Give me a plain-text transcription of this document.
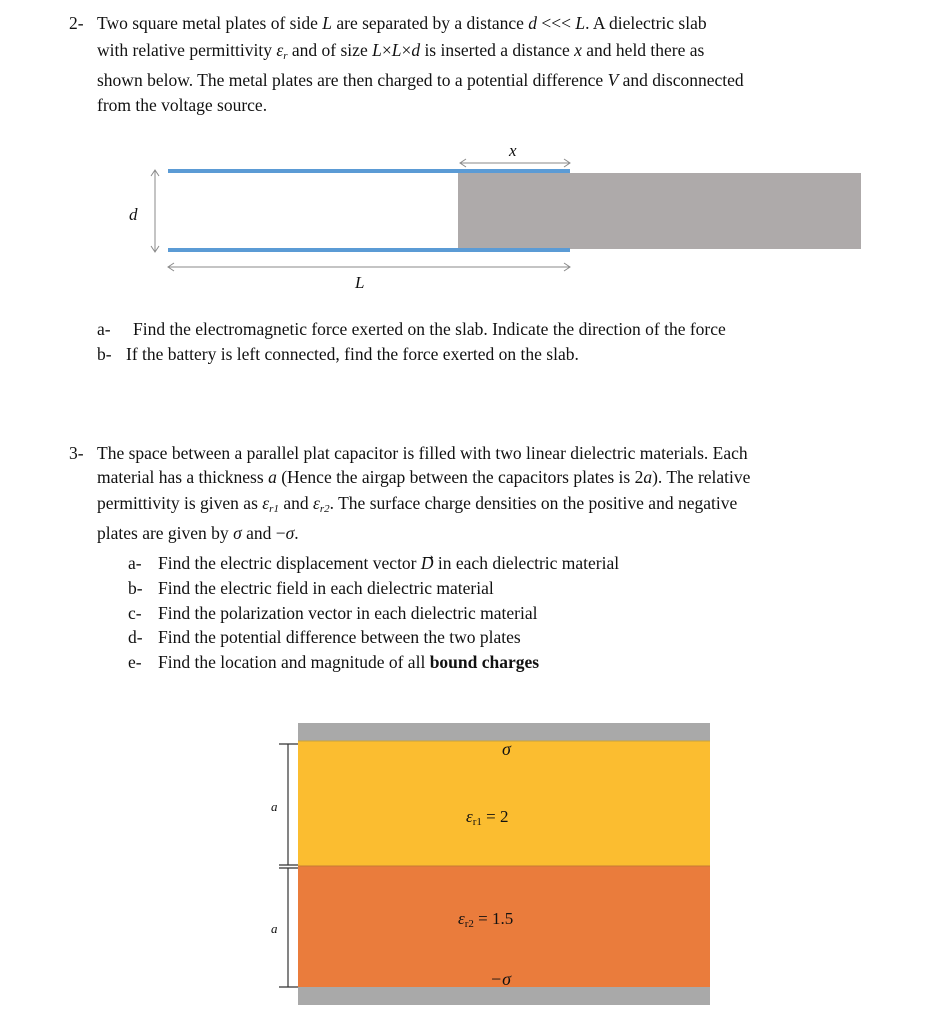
2- Two square metal plates of side L are separated by a distance d <<< L. A dielectric slab
with relative permittivity $\varepsilon_r$ and of size L×L×d is inserted a distance x and held there as
shown below. The metal plates are then charged to a potential difference V and disconnected
from the voltage source.
x
d
L
a- Find the electromagnetic force exerted on the slab. Indicate the direction of the force
b- If the battery is left connected, find the force exerted on the slab.
3- The space between a parallel plat capacitor is filled with two linear dielectric materials. Each
material has a thickness a (Hence the airgap between the capacitors plates is 2a). The relative
permittivity is given as $\varepsilon_{r1}$ and $\varepsilon_{r2}$. The surface charge densities on the positive and negative
plates are given by σ and −σ.
a- Find the electric displacement vector D⃗ in each dielectric material
b- Find the electric field in each dielectric material
c- Find the polarization vector in each dielectric material
d- Find the potential difference between the two plates
e- Find the location and magnitude of all bound charges
σ
a
$\varepsilon_{r1} = 2$
a
$\varepsilon_{r2} = 1.5$
−σ
